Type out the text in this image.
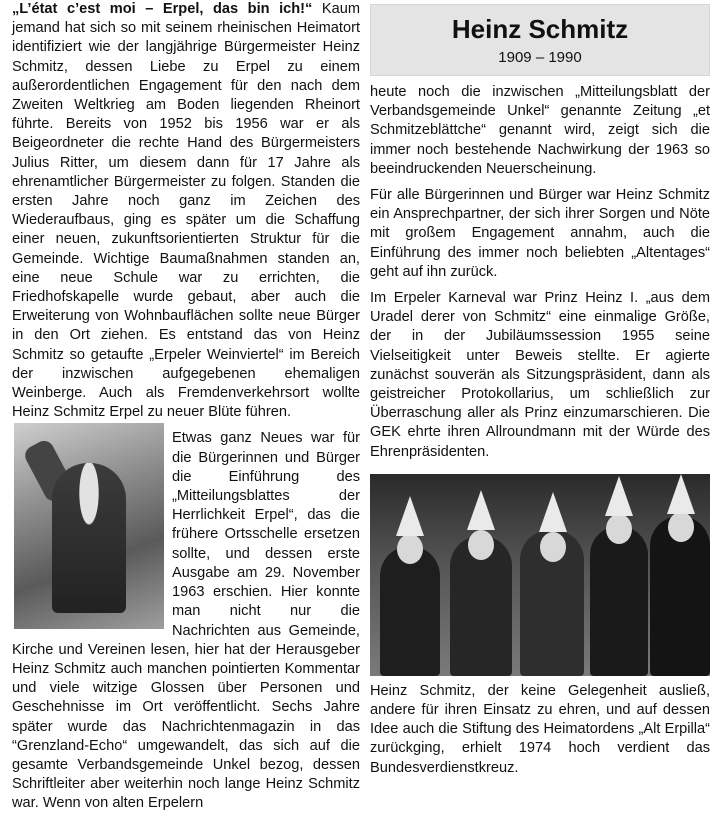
„L’état c’est moi – Erpel, das bin ich!“ Kaum jemand hat sich so mit seinem rheinischen Heimatort identifiziert wie der langjährige Bürgermeister Heinz Schmitz, dessen Liebe zu Erpel zu einem außerordentlichen Engagement für den nach dem Zweiten Weltkrieg am Boden liegenden Rheinort führte. Bereits von 1952 bis 1956 war er als Beigeordneter die rechte Hand des Bürgermeisters Julius Ritter, um diesem dann für 17 Jahre als ehrenamtlicher Bürgermeister zu folgen. Standen die ersten Jahre noch ganz im Zeichen des Wiederaufbaus, ging es später um die Schaffung einer neuen, zukunftsorientierten Struktur für die Gemeinde. Wichtige Baumaßnahmen standen an, eine neue Schule war zu errichten, die Friedhofskapelle wurde gebaut, aber auch die Erweiterung von Wohnbauflächen sollte neue Bürger in den Ort ziehen. Es entstand das von Heinz Schmitz so getaufte „Erpeler Weinviertel“ im Bereich der inzwischen aufgegebenen ehemaligen Weinberge. Auch als Fremdenverkehrsort wollte Heinz Schmitz Erpel zu neuer Blüte führen.

Etwas ganz Neues war für die Bürgerinnen und Bürger die Einführung des „Mitteilungsblattes der Herrlichkeit Erpel“, das die frühere Ortsschelle ersetzen sollte, und dessen erste Ausgabe am 29. November 1963 erschien. Hier konnte man nicht nur die Nachrichten aus Gemeinde, Kirche und Vereinen lesen, hier hat der Herausgeber Heinz Schmitz auch manchen pointierten Kommentar und viele witzige Glossen über Personen und Geschehnisse im Ort veröffentlicht. Sechs Jahre später wurde das Nachrichtenmagazin in das “Grenzland-Echo“ umgewandelt, das sich auf die gesamte Verbandsgemeinde Unkel bezog, dessen Schriftleiter aber weiterhin noch lange Heinz Schmitz war. Wenn von alten Erpelern

Heinz Schmitz
1909 – 1990

heute noch die inzwischen „Mitteilungsblatt der Verbandsgemeinde Unkel“ genannte Zeitung „et Schmitzeblättche“ genannt wird, zeigt sich die immer noch bestehende Nachwirkung der 1963 so beeindruckenden Neuerscheinung.

Für alle Bürgerinnen und Bürger war Heinz Schmitz ein Ansprechpartner, der sich ihrer Sorgen und Nöte mit großem Engagement annahm, auch die Einführung des immer noch beliebten „Altentages“ geht auf ihn zurück.

Im Erpeler Karneval war Prinz Heinz I. „aus dem Uradel derer von Schmitz“ eine einmalige Größe, der in der Jubiläumssession 1955 seine Vielseitigkeit unter Beweis stellte. Er agierte zunächst souverän als Sitzungspräsident, dann als geistreicher Protokollarius, um schließlich zur Überraschung aller als Prinz einzumarschieren. Die GEK ehrte ihren Allroundmann mit der Würde des Ehrenpräsidenten.

Heinz Schmitz, der keine Gelegenheit ausließ, andere für ihren Einsatz zu ehren, und auf dessen Idee auch die Stiftung des Heimatordens „Alt Erpilla“ zurückging, erhielt 1974 hoch verdient das Bundesverdienstkreuz.
